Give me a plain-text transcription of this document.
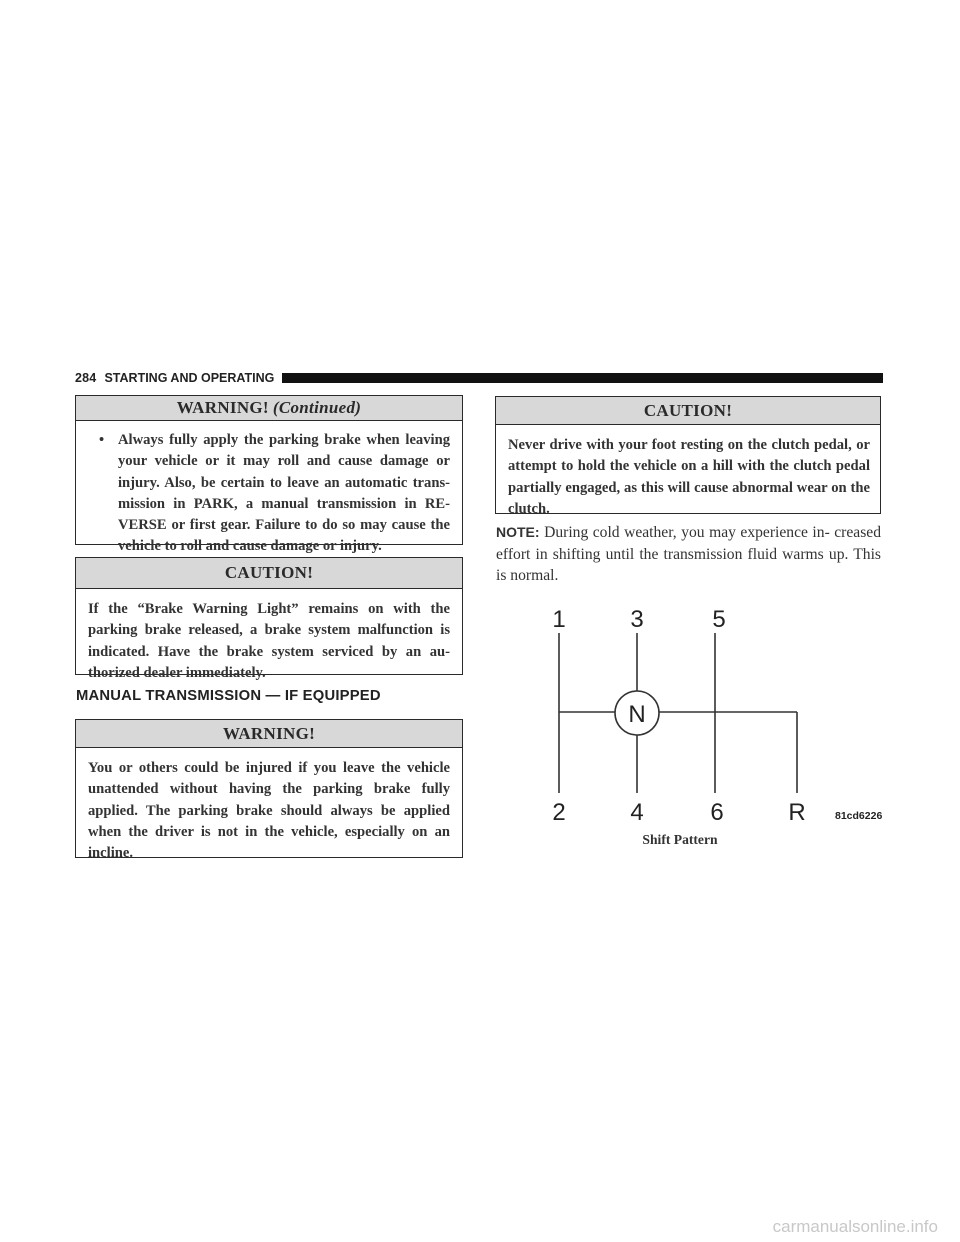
284 STARTING AND OPERATING
WARNING! (Continued)
• Always fully apply the parking brake when leaving your vehicle or it may roll and cause damage or injury. Also, be certain to leave an automatic trans- mission in PARK, a manual transmission in RE- VERSE or first gear. Failure to do so may cause the vehicle to roll and cause damage or injury.
CAUTION!
If the “Brake Warning Light” remains on with the parking brake released, a brake system malfunction is indicated. Have the brake system serviced by an au- thorized dealer immediately.
MANUAL TRANSMISSION — IF EQUIPPED
WARNING!
You or others could be injured if you leave the vehicle unattended without having the parking brake fully applied. The parking brake should always be applied when the driver is not in the vehicle, especially on an incline.
CAUTION!
Never drive with your foot resting on the clutch pedal, or attempt to hold the vehicle on a hill with the clutch pedal partially engaged, as this will cause abnormal wear on the clutch.
NOTE: During cold weather, you may experience in- creased effort in shifting until the transmission fluid warms up. This is normal.
1	3	5
2	4	6	R
N
81cd6226
Shift Pattern
carmanualsonline.info
